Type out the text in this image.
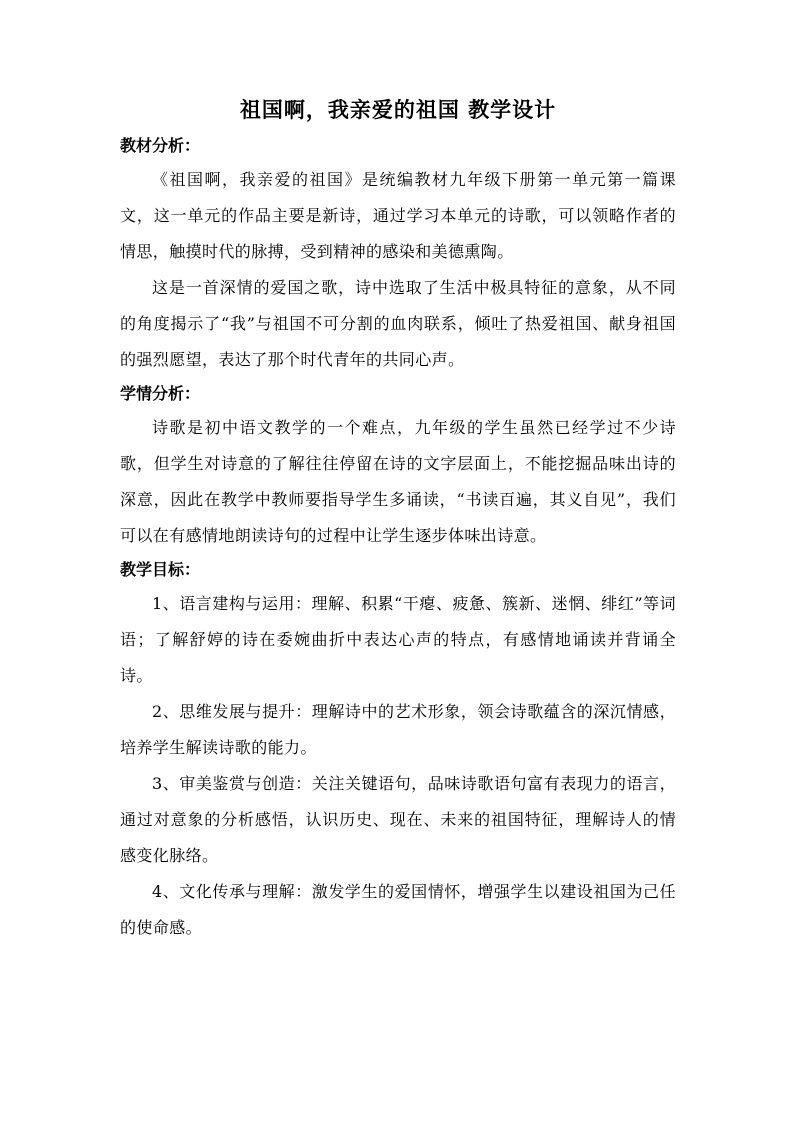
祖国啊，我亲爱的祖国 教学设计

教材分析：

《祖国啊，我亲爱的祖国》是统编教材九年级下册第一单元第一篇课文，这一单元的作品主要是新诗，通过学习本单元的诗歌，可以领略作者的情思，触摸时代的脉搏，受到精神的感染和美德熏陶。

这是一首深情的爱国之歌，诗中选取了生活中极具特征的意象，从不同的角度揭示了“我”与祖国不可分割的血肉联系，倾吐了热爱祖国、献身祖国的强烈愿望，表达了那个时代青年的共同心声。

学情分析：

诗歌是初中语文教学的一个难点，九年级的学生虽然已经学过不少诗歌，但学生对诗意的了解往往停留在诗的文字层面上，不能挖掘品味出诗的深意，因此在教学中教师要指导学生多诵读，“书读百遍，其义自见”，我们可以在有感情地朗读诗句的过程中让学生逐步体味出诗意。

教学目标：

1、语言建构与运用：理解、积累“干瘪、疲惫、簇新、迷惘、绯红”等词语；了解舒婷的诗在委婉曲折中表达心声的特点，有感情地诵读并背诵全诗。

2、思维发展与提升：理解诗中的艺术形象，领会诗歌蕴含的深沉情感，培养学生解读诗歌的能力。

3、审美鉴赏与创造：关注关键语句，品味诗歌语句富有表现力的语言，通过对意象的分析感悟，认识历史、现在、未来的祖国特征，理解诗人的情感变化脉络。

4、文化传承与理解：激发学生的爱国情怀，增强学生以建设祖国为己任的使命感。
